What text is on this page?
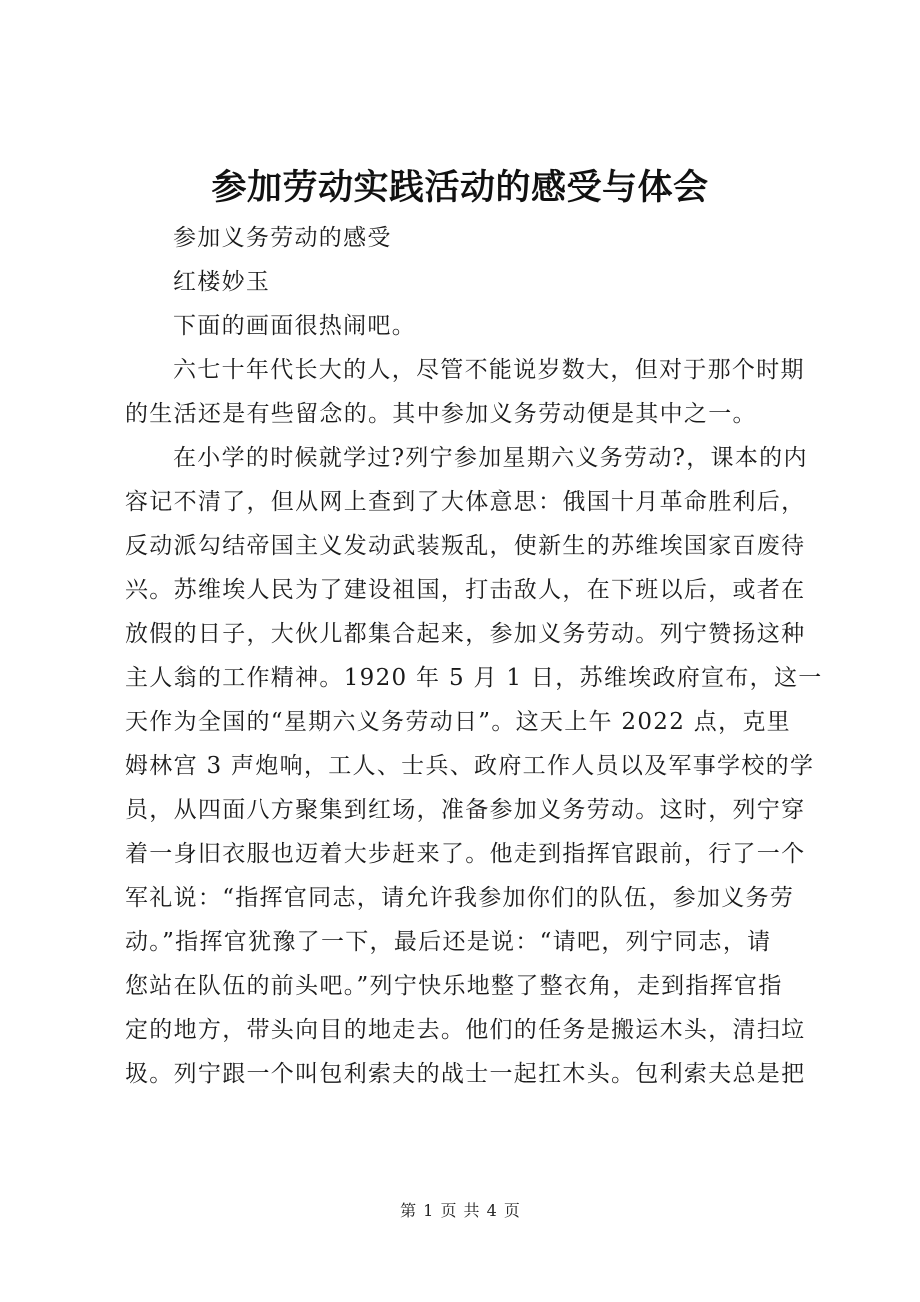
参加劳动实践活动的感受与体会
参加义务劳动的感受
红楼妙玉
下面的画面很热闹吧。
六七十年代长大的人，尽管不能说岁数大，但对于那个时期
的生活还是有些留念的。其中参加义务劳动便是其中之一。
在小学的时候就学过?列宁参加星期六义务劳动?，课本的内
容记不清了，但从网上查到了大体意思：俄国十月革命胜利后，
反动派勾结帝国主义发动武装叛乱，使新生的苏维埃国家百废待
兴。苏维埃人民为了建设祖国，打击敌人，在下班以后，或者在
放假的日子，大伙儿都集合起来，参加义务劳动。列宁赞扬这种
主人翁的工作精神。1920 年 5 月 1 日，苏维埃政府宣布，这一
天作为全国的“星期六义务劳动日”。这天上午 2022 点，克里
姆林宫 3 声炮响，工人、士兵、政府工作人员以及军事学校的学
员，从四面八方聚集到红场，准备参加义务劳动。这时，列宁穿
着一身旧衣服也迈着大步赶来了。他走到指挥官跟前，行了一个
军礼说：“指挥官同志，请允许我参加你们的队伍，参加义务劳
动。”指挥官犹豫了一下，最后还是说：“请吧，列宁同志，请
您站在队伍的前头吧。”列宁快乐地整了整衣角，走到指挥官指
定的地方，带头向目的地走去。他们的任务是搬运木头，清扫垃
圾。列宁跟一个叫包利索夫的战士一起扛木头。包利索夫总是把
第 1 页 共 4 页
